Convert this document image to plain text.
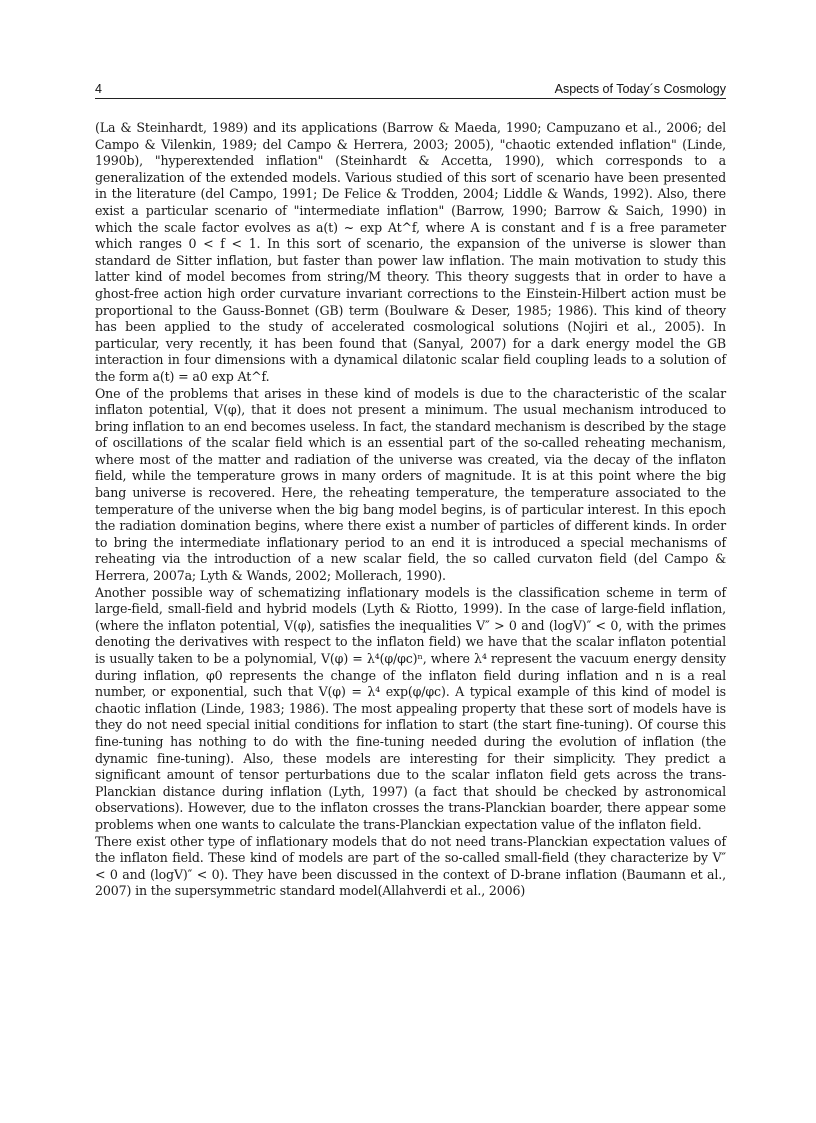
4	Aspects of Today´s Cosmology

(La & Steinhardt, 1989) and its applications (Barrow & Maeda, 1990; Campuzano et al., 2006; del Campo & Vilenkin, 1989; del Campo & Herrera, 2003; 2005), "chaotic extended inflation" (Linde, 1990b), "hyperextended inflation" (Steinhardt & Accetta, 1990), which corresponds to a generalization of the extended models. Various studied of this sort of scenario have been presented in the literature (del Campo, 1991; De Felice & Trodden, 2004; Liddle & Wands, 1992). Also, there exist a particular scenario of "intermediate inflation" (Barrow, 1990; Barrow & Saich, 1990) in which the scale factor evolves as a(t) ~ exp At^f, where A is constant and f is a free parameter which ranges 0 < f < 1. In this sort of scenario, the expansion of the universe is slower than standard de Sitter inflation, but faster than power law inflation. The main motivation to study this latter kind of model becomes from string/M theory. This theory suggests that in order to have a ghost-free action high order curvature invariant corrections to the Einstein-Hilbert action must be proportional to the Gauss-Bonnet (GB) term (Boulware & Deser, 1985; 1986). This kind of theory has been applied to the study of accelerated cosmological solutions (Nojiri et al., 2005). In particular, very recently, it has been found that (Sanyal, 2007) for a dark energy model the GB interaction in four dimensions with a dynamical dilatonic scalar field coupling leads to a solution of the form a(t) = a0 exp At^f.

One of the problems that arises in these kind of models is due to the characteristic of the scalar inflaton potential, V(φ), that it does not present a minimum. The usual mechanism introduced to bring inflation to an end becomes useless. In fact, the standard mechanism is described by the stage of oscillations of the scalar field which is an essential part of the so-called reheating mechanism, where most of the matter and radiation of the universe was created, via the decay of the inflaton field, while the temperature grows in many orders of magnitude. It is at this point where the big bang universe is recovered. Here, the reheating temperature, the temperature associated to the temperature of the universe when the big bang model begins, is of particular interest. In this epoch the radiation domination begins, where there exist a number of particles of different kinds. In order to bring the intermediate inflationary period to an end it is introduced a special mechanisms of reheating via the introduction of a new scalar field, the so called curvaton field (del Campo & Herrera, 2007a; Lyth & Wands, 2002; Mollerach, 1990).

Another possible way of schematizing inflationary models is the classification scheme in term of large-field, small-field and hybrid models (Lyth & Riotto, 1999). In the case of large-field inflation, (where the inflaton potential, V(φ), satisfies the inequalities V″ > 0 and (logV)″ < 0, with the primes denoting the derivatives with respect to the inflaton field) we have that the scalar inflaton potential is usually taken to be a polynomial, V(φ) = λ⁴(φ/φc)ⁿ, where λ⁴ represent the vacuum energy density during inflation, φ0 represents the change of the inflaton field during inflation and n is a real number, or exponential, such that V(φ) = λ⁴ exp(φ/φc). A typical example of this kind of model is chaotic inflation (Linde, 1983; 1986). The most appealing property that these sort of models have is they do not need special initial conditions for inflation to start (the start fine-tuning). Of course this fine-tuning has nothing to do with the fine-tuning needed during the evolution of inflation (the dynamic fine-tuning). Also, these models are interesting for their simplicity. They predict a significant amount of tensor perturbations due to the scalar inflaton field gets across the trans-Planckian distance during inflation (Lyth, 1997) (a fact that should be checked by astronomical observations). However, due to the inflaton crosses the trans-Planckian boarder, there appear some problems when one wants to calculate the trans-Planckian expectation value of the inflaton field.

There exist other type of inflationary models that do not need trans-Planckian expectation values of the inflaton field. These kind of models are part of the so-called small-field (they characterize by V″ < 0 and (logV)″ < 0). They have been discussed in the context of D-brane inflation (Baumann et al., 2007) in the supersymmetric standard model(Allahverdi et al., 2006)
